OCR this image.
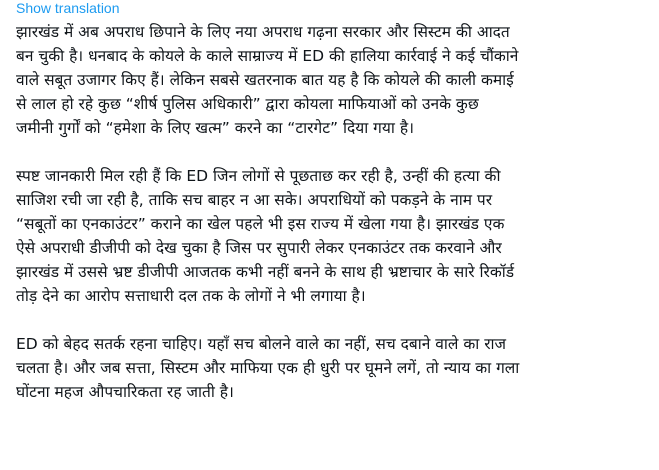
Show translation

झारखंड में अब अपराध छिपाने के लिए नया अपराध गढ़ना सरकार और सिस्टम की आदत
बन चुकी है। धनबाद के कोयले के काले साम्राज्य में ED की हालिया कार्रवाई ने कई चौंकाने
वाले सबूत उजागर किए हैं। लेकिन सबसे खतरनाक बात यह है कि कोयले की काली कमाई
से लाल हो रहे कुछ “शीर्ष पुलिस अधिकारी” द्वारा कोयला माफियाओं को उनके कुछ
जमीनी गुर्गों को “हमेशा के लिए खत्म” करने का “टारगेट” दिया गया है।

स्पष्ट जानकारी मिल रही हैं कि ED जिन लोगों से पूछताछ कर रही है, उन्हीं की हत्या की
साजिश रची जा रही है, ताकि सच बाहर न आ सके। अपराधियों को पकड़ने के नाम पर
“सबूतों का एनकाउंटर” कराने का खेल पहले भी इस राज्य में खेला गया है। झारखंड एक
ऐसे अपराधी डीजीपी को देख चुका है जिस पर सुपारी लेकर एनकाउंटर तक करवाने और
झारखंड में उससे भ्रष्ट डीजीपी आजतक कभी नहीं बनने के साथ ही भ्रष्टाचार के सारे रिकॉर्ड
तोड़ देने का आरोप सत्ताधारी दल तक के लोगों ने भी लगाया है।

ED को बेहद सतर्क रहना चाहिए। यहाँ सच बोलने वाले का नहीं, सच दबाने वाले का राज
चलता है। और जब सत्ता, सिस्टम और माफिया एक ही धुरी पर घूमने लगें, तो न्याय का गला
घोंटना महज औपचारिकता रह जाती है।
